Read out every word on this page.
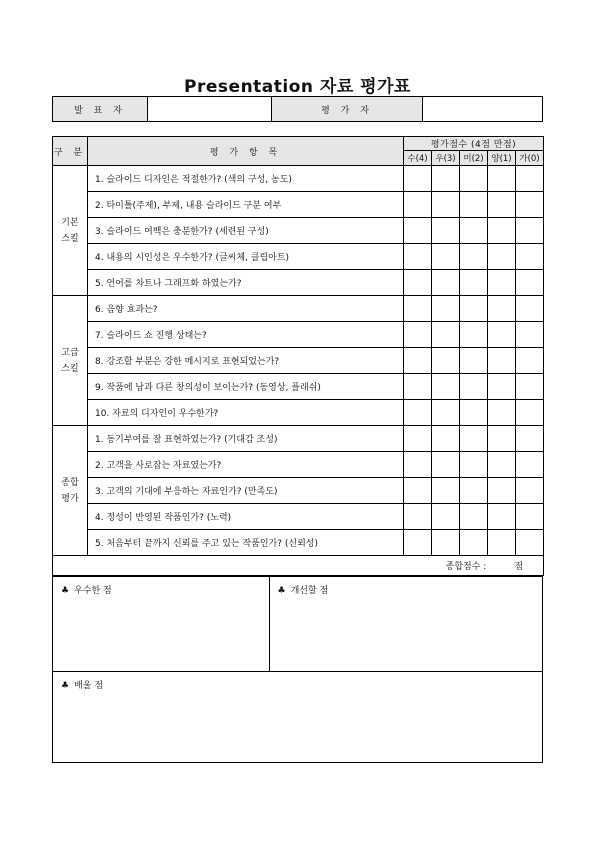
Presentation 자료 평가표
발 표 자		평 가 자	
구 분	평 가 항 목	평가점수 (4점 만점)				
		수(4)	우(3)	미(2)	양(1)	가(0)

기본
스킬	1. 슬라이드 디자인은 적절한가? (색의 구성, 농도)					
	2. 타이틀(주제), 부제, 내용 슬라이드 구분 여부					
	3. 슬라이드 여백은 충분한가? (세련된 구성)					
	4. 내용의 시인성은 우수한가? (글씨체, 클립아트)					
	5. 언어를 차트나 그래프화 하였는가?					

고급
스킬	6. 음향 효과는?					
	7. 슬라이드 쇼 진행 상태는?					
	8. 강조할 부분은 강한 메시지로 표현되었는가?					
	9. 작품에 남과 다른 창의성이 보이는가? (동영상, 플래쉬)					
	10. 자료의 디자인이 우수한가?					

종합
평가	1. 동기부여를 잘 표현하였는가? (기대감 조성)					
	2. 고객을 사로잡는 자료였는가?					
	3. 고객의 기대에 부응하는 자료인가? (만족도)					
	4. 정성이 반영된 작품인가? (노력)					
	5. 처음부터 끝까지 신뢰를 주고 있는 작품인가? (신뢰성)					
종합점수 : 점						
♣ 우수한 점	♣ 개선할 점
♣ 배울 점
